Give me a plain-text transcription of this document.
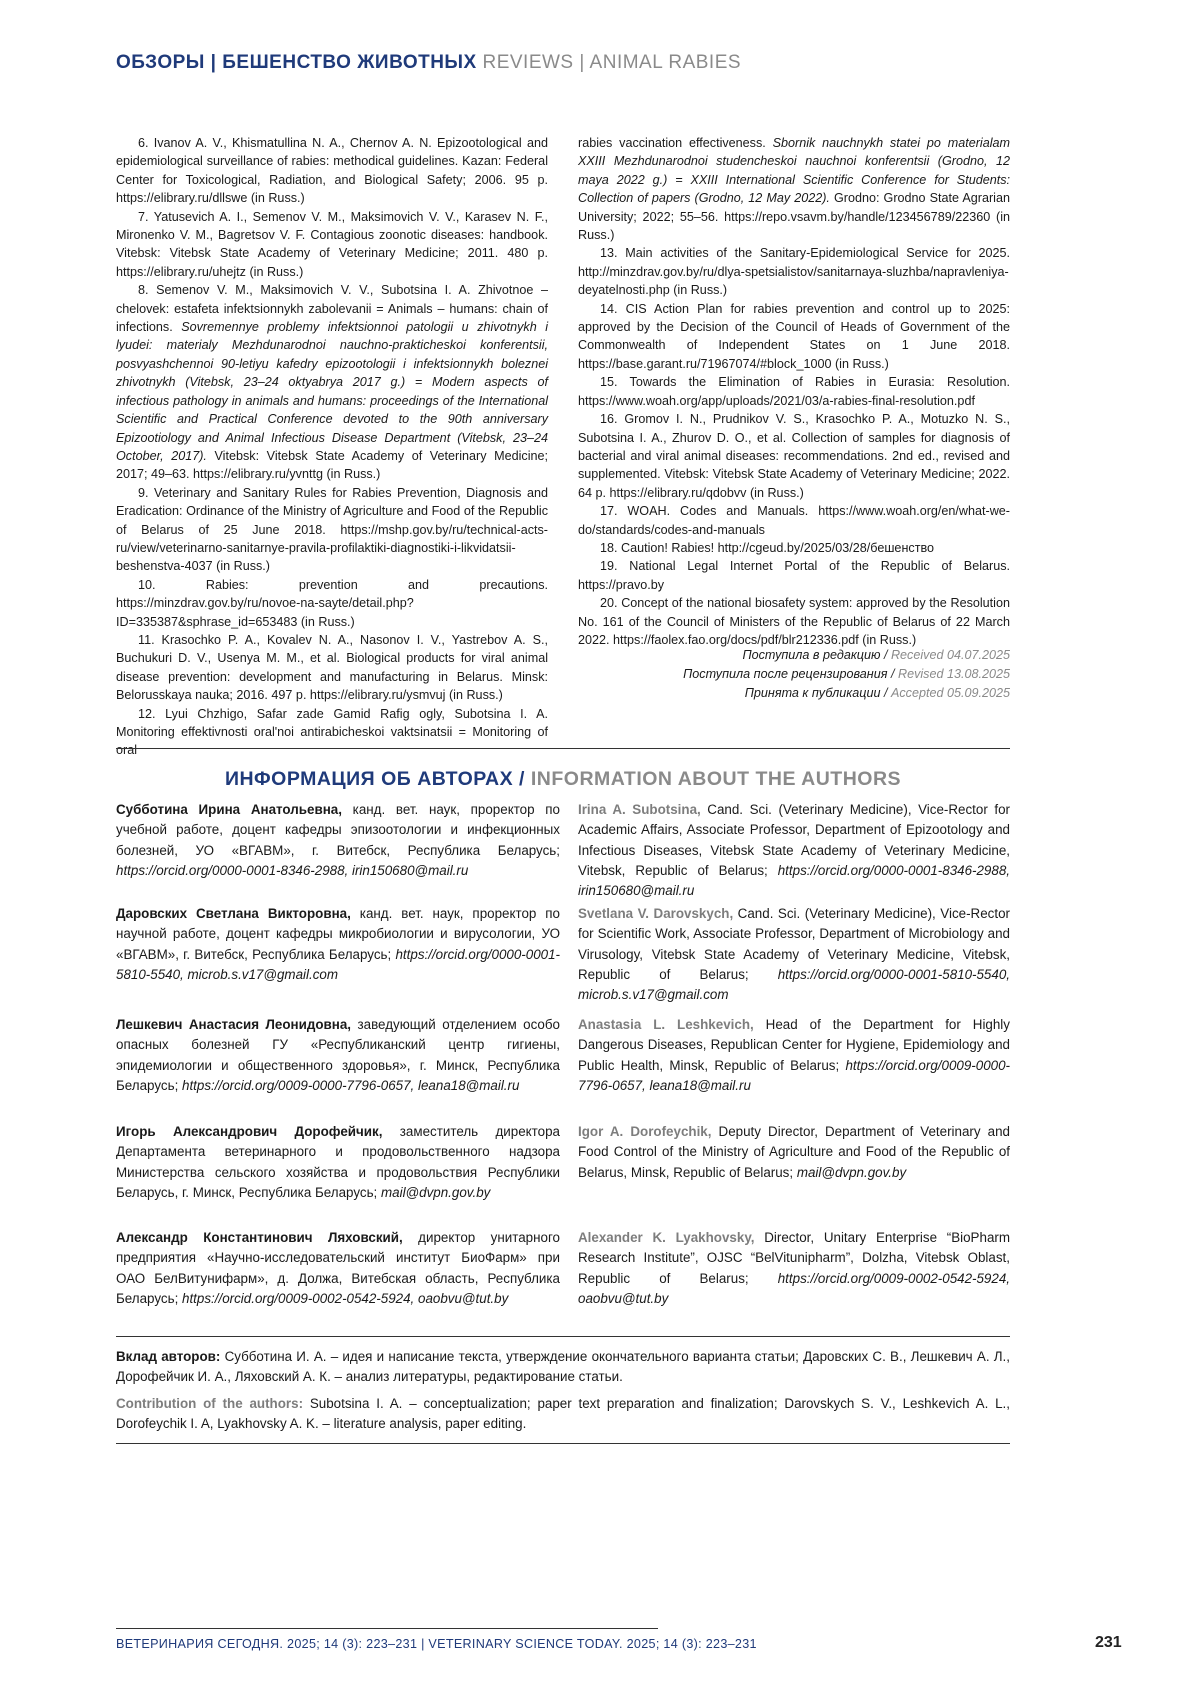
ОБЗОРЫ | БЕШЕНСТВО ЖИВОТНЫХ REVIEWS | ANIMAL RABIES

6. Ivanov A. V., Khismatullina N. A., Chernov A. N. Epizootological and epidemiological surveillance of rabies: methodical guidelines. Kazan: Federal Center for Toxicological, Radiation, and Biological Safety; 2006. 95 p. https://elibrary.ru/dllswe (in Russ.)

7. Yatusevich A. I., Semenov V. M., Maksimovich V. V., Karasev N. F., Mironenko V. M., Bagretsov V. F. Contagious zoonotic diseases: handbook. Vitebsk: Vitebsk State Academy of Veterinary Medicine; 2011. 480 p. https://elibrary.ru/uhejtz (in Russ.)

8. Semenov V. M., Maksimovich V. V., Subotsina I. A. Zhivotnoe – chelovek: estafeta infektsionnykh zabolevanii = Animals – humans: chain of infections. Sovremennye problemy infektsionnoi patologii u zhivotnykh i lyudei: materialy Mezhdunarodnoi nauchno-prakticheskoi konferentsii, posvyashchennoi 90-letiyu kafedry epizootologii i infektsionnykh boleznei zhivotnykh (Vitebsk, 23–24 oktyabrya 2017 g.) = Modern aspects of infectious pathology in animals and humans: proceedings of the International Scientific and Practical Conference devoted to the 90th anniversary Epizootiology and Animal Infectious Disease Department (Vitebsk, 23–24 October, 2017). Vitebsk: Vitebsk State Academy of Veterinary Medicine; 2017; 49–63. https://elibrary.ru/yvnttg (in Russ.)

9. Veterinary and Sanitary Rules for Rabies Prevention, Diagnosis and Eradication: Ordinance of the Ministry of Agriculture and Food of the Republic of Belarus of 25 June 2018. https://mshp.gov.by/ru/technical-acts-ru/view/veterinarno-sanitarnye-pravila-profilaktiki-diagnostiki-i-likvidatsii-beshenstva-4037 (in Russ.)

10. Rabies: prevention and precautions. https://minzdrav.gov.by/ru/novoe-na-sayte/detail.php?ID=335387&sphrase_id=653483 (in Russ.)

11. Krasochko P. A., Kovalev N. A., Nasonov I. V., Yastrebov A. S., Buchukuri D. V., Usenya M. M., et al. Biological products for viral animal disease prevention: development and manufacturing in Belarus. Minsk: Belorusskaya nauka; 2016. 497 p. https://elibrary.ru/ysmvuj (in Russ.)

12. Lyui Chzhigo, Safar zade Gamid Rafig ogly, Subotsina I. A. Monitoring effektivnosti oral'noi antirabicheskoi vaktsinatsii = Monitoring of oral

rabies vaccination effectiveness. Sbornik nauchnykh statei po materialam XXIII Mezhdunarodnoi studencheskoi nauchnoi konferentsii (Grodno, 12 maya 2022 g.) = XXIII International Scientific Conference for Students: Collection of papers (Grodno, 12 May 2022). Grodno: Grodno State Agrarian University; 2022; 55–56. https://repo.vsavm.by/handle/123456789/22360 (in Russ.)

13. Main activities of the Sanitary-Epidemiological Service for 2025. http://minzdrav.gov.by/ru/dlya-spetsialistov/sanitarnaya-sluzhba/napravleniya-deyatelnosti.php (in Russ.)

14. CIS Action Plan for rabies prevention and control up to 2025: approved by the Decision of the Council of Heads of Government of the Commonwealth of Independent States on 1 June 2018. https://base.garant.ru/71967074/#block_1000 (in Russ.)

15. Towards the Elimination of Rabies in Eurasia: Resolution. https://www.woah.org/app/uploads/2021/03/a-rabies-final-resolution.pdf

16. Gromov I. N., Prudnikov V. S., Krasochko P. A., Motuzko N. S., Subotsina I. A., Zhurov D. O., et al. Collection of samples for diagnosis of bacterial and viral animal diseases: recommendations. 2nd ed., revised and supplemented. Vitebsk: Vitebsk State Academy of Veterinary Medicine; 2022. 64 p. https://elibrary.ru/qdobvv (in Russ.)

17. WOAH. Codes and Manuals. https://www.woah.org/en/what-we-do/standards/codes-and-manuals

18. Caution! Rabies! http://cgeud.by/2025/03/28/бешенство

19. National Legal Internet Portal of the Republic of Belarus. https://pravo.by

20. Concept of the national biosafety system: approved by the Resolution No. 161 of the Council of Ministers of the Republic of Belarus of 22 March 2022. https://faolex.fao.org/docs/pdf/blr212336.pdf (in Russ.)

Поступила в редакцию / Received 04.07.2025
Поступила после рецензирования / Revised 13.08.2025
Принята к публикации / Accepted 05.09.2025
ИНФОРМАЦИЯ ОБ АВТОРАХ / INFORMATION ABOUT THE AUTHORS
Субботина Ирина Анатольевна, канд. вет. наук, проректор по учебной работе, доцент кафедры эпизоотологии и инфекционных болезней, УО «ВГАВМ», г. Витебск, Республика Беларусь; https://orcid.org/0000-0001-8346-2988, irin150680@mail.ru
Даровских Светлана Викторовна, канд. вет. наук, проректор по научной работе, доцент кафедры микробиологии и вирусологии, УО «ВГАВМ», г. Витебск, Республика Беларусь; https://orcid.org/0000-0001-5810-5540, microb.s.v17@gmail.com
Лешкевич Анастасия Леонидовна, заведующий отделением особо опасных болезней ГУ «Республиканский центр гигиены, эпидемиологии и общественного здоровья», г. Минск, Республика Беларусь; https://orcid.org/0009-0000-7796-0657, leana18@mail.ru
Игорь Александрович Дорофейчик, заместитель директора Департамента ветеринарного и продовольственного надзора Министерства сельского хозяйства и продовольствия Республики Беларусь, г. Минск, Республика Беларусь; mail@dvpn.gov.by
Александр Константинович Ляховский, директор унитарного предприятия «Научно-исследовательский институт БиоФарм» при ОАО БелВитунифарм», д. Должа, Витебская область, Республика Беларусь; https://orcid.org/0009-0002-0542-5924, oaobvu@tut.by
Irina A. Subotsina, Cand. Sci. (Veterinary Medicine), Vice-Rector for Academic Affairs, Associate Professor, Department of Epizootology and Infectious Diseases, Vitebsk State Academy of Veterinary Medicine, Vitebsk, Republic of Belarus; https://orcid.org/0000-0001-8346-2988, irin150680@mail.ru
Svetlana V. Darovskych, Cand. Sci. (Veterinary Medicine), Vice-Rector for Scientific Work, Associate Professor, Department of Microbiology and Virusology, Vitebsk State Academy of Veterinary Medicine, Vitebsk, Republic of Belarus; https://orcid.org/0000-0001-5810-5540, microb.s.v17@gmail.com
Anastasia L. Leshkevich, Head of the Department for Highly Dangerous Diseases, Republican Center for Hygiene, Epidemiology and Public Health, Minsk, Republic of Belarus; https://orcid.org/0009-0000-7796-0657, leana18@mail.ru
Igor A. Dorofeychik, Deputy Director, Department of Veterinary and Food Control of the Ministry of Agriculture and Food of the Republic of Belarus, Minsk, Republic of Belarus; mail@dvpn.gov.by
Alexander K. Lyakhovsky, Director, Unitary Enterprise “BioPharm Research Institute”, OJSC “BelVitunipharm”, Dolzha, Vitebsk Oblast, Republic of Belarus; https://orcid.org/0009-0002-0542-5924, oaobvu@tut.by
Вклад авторов: Субботина И. А. – идея и написание текста, утверждение окончательного варианта статьи; Даровских С. В., Лешкевич А. Л., Дорофейчик И. А., Ляховский А. К. – анализ литературы, редактирование статьи.
Contribution of the authors: Subotsina I. A. – conceptualization; paper text preparation and finalization; Darovskych S. V., Leshkevich A. L., Dorofeychik I. A, Lyakhovsky A. K. – literature analysis, paper editing.
ВЕТЕРИНАРИЯ СЕГОДНЯ. 2025; 14 (3): 223–231 | VETERINARY SCIENCE TODAY. 2025; 14 (3): 223–231	231
